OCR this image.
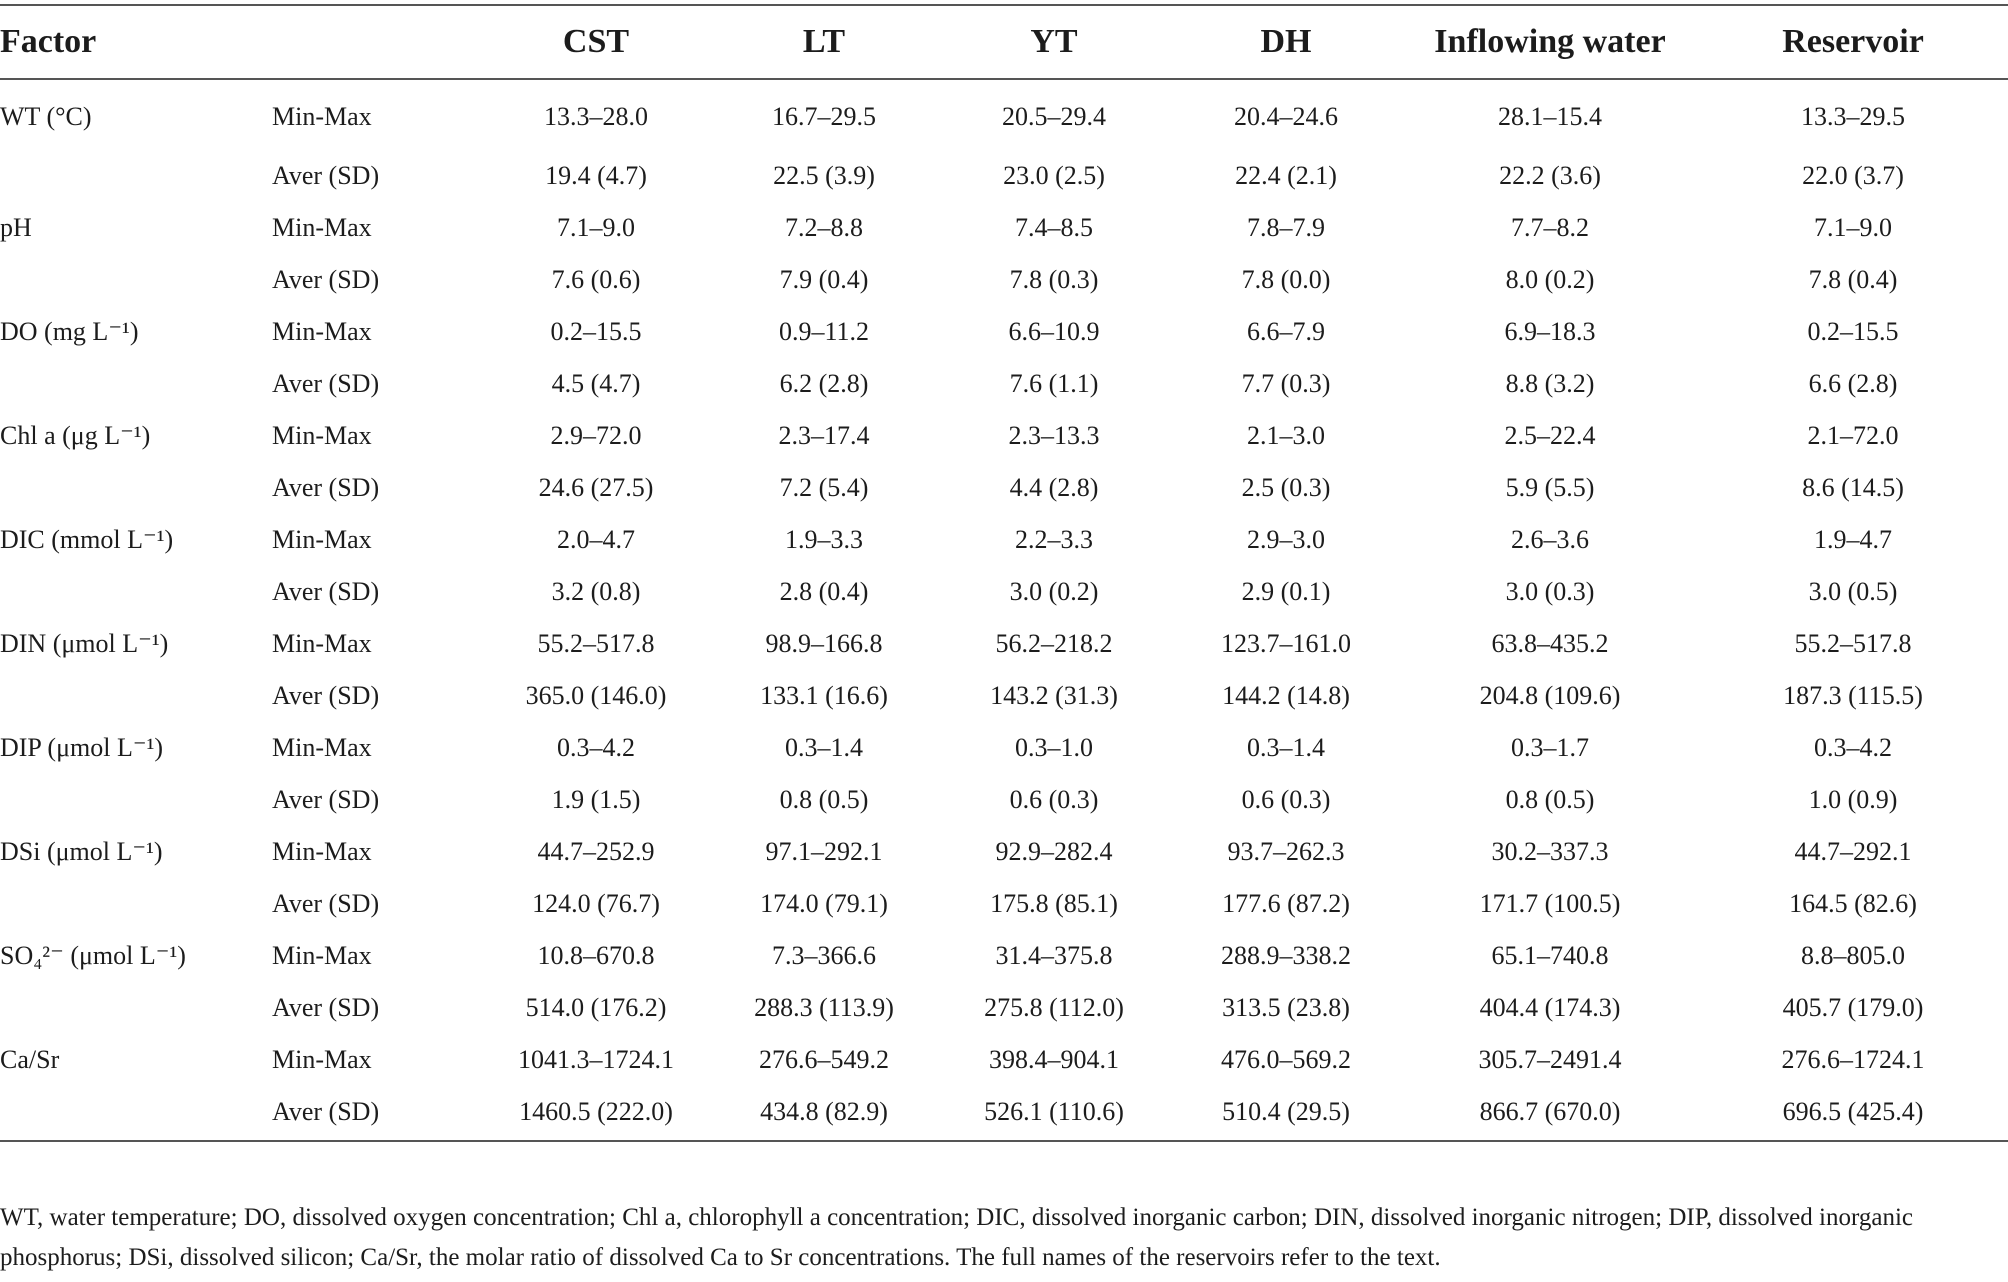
Factor		CST	LT	YT	DH	Inflowing water	Reservoir
WT (°C)	Min-Max	13.3–28.0	16.7–29.5	20.5–29.4	20.4–24.6	28.1–15.4	13.3–29.5
	Aver (SD)	19.4 (4.7)	22.5 (3.9)	23.0 (2.5)	22.4 (2.1)	22.2 (3.6)	22.0 (3.7)
pH	Min-Max	7.1–9.0	7.2–8.8	7.4–8.5	7.8–7.9	7.7–8.2	7.1–9.0
	Aver (SD)	7.6 (0.6)	7.9 (0.4)	7.8 (0.3)	7.8 (0.0)	8.0 (0.2)	7.8 (0.4)
DO (mg L⁻¹)	Min-Max	0.2–15.5	0.9–11.2	6.6–10.9	6.6–7.9	6.9–18.3	0.2–15.5
	Aver (SD)	4.5 (4.7)	6.2 (2.8)	7.6 (1.1)	7.7 (0.3)	8.8 (3.2)	6.6 (2.8)
Chl a (μg L⁻¹)	Min-Max	2.9–72.0	2.3–17.4	2.3–13.3	2.1–3.0	2.5–22.4	2.1–72.0
	Aver (SD)	24.6 (27.5)	7.2 (5.4)	4.4 (2.8)	2.5 (0.3)	5.9 (5.5)	8.6 (14.5)
DIC (mmol L⁻¹)	Min-Max	2.0–4.7	1.9–3.3	2.2–3.3	2.9–3.0	2.6–3.6	1.9–4.7
	Aver (SD)	3.2 (0.8)	2.8 (0.4)	3.0 (0.2)	2.9 (0.1)	3.0 (0.3)	3.0 (0.5)
DIN (μmol L⁻¹)	Min-Max	55.2–517.8	98.9–166.8	56.2–218.2	123.7–161.0	63.8–435.2	55.2–517.8
	Aver (SD)	365.0 (146.0)	133.1 (16.6)	143.2 (31.3)	144.2 (14.8)	204.8 (109.6)	187.3 (115.5)
DIP (μmol L⁻¹)	Min-Max	0.3–4.2	0.3–1.4	0.3–1.0	0.3–1.4	0.3–1.7	0.3–4.2
	Aver (SD)	1.9 (1.5)	0.8 (0.5)	0.6 (0.3)	0.6 (0.3)	0.8 (0.5)	1.0 (0.9)
DSi (μmol L⁻¹)	Min-Max	44.7–252.9	97.1–292.1	92.9–282.4	93.7–262.3	30.2–337.3	44.7–292.1
	Aver (SD)	124.0 (76.7)	174.0 (79.1)	175.8 (85.1)	177.6 (87.2)	171.7 (100.5)	164.5 (82.6)
SO₄²⁻ (μmol L⁻¹)	Min-Max	10.8–670.8	7.3–366.6	31.4–375.8	288.9–338.2	65.1–740.8	8.8–805.0
	Aver (SD)	514.0 (176.2)	288.3 (113.9)	275.8 (112.0)	313.5 (23.8)	404.4 (174.3)	405.7 (179.0)
Ca/Sr	Min-Max	1041.3–1724.1	276.6–549.2	398.4–904.1	476.0–569.2	305.7–2491.4	276.6–1724.1
	Aver (SD)	1460.5 (222.0)	434.8 (82.9)	526.1 (110.6)	510.4 (29.5)	866.7 (670.0)	696.5 (425.4)
WT, water temperature; DO, dissolved oxygen concentration; Chl a, chlorophyll a concentration; DIC, dissolved inorganic carbon; DIN, dissolved inorganic nitrogen; DIP, dissolved inorganic phosphorus; DSi, dissolved silicon; Ca/Sr, the molar ratio of dissolved Ca to Sr concentrations. The full names of the reservoirs refer to the text.
